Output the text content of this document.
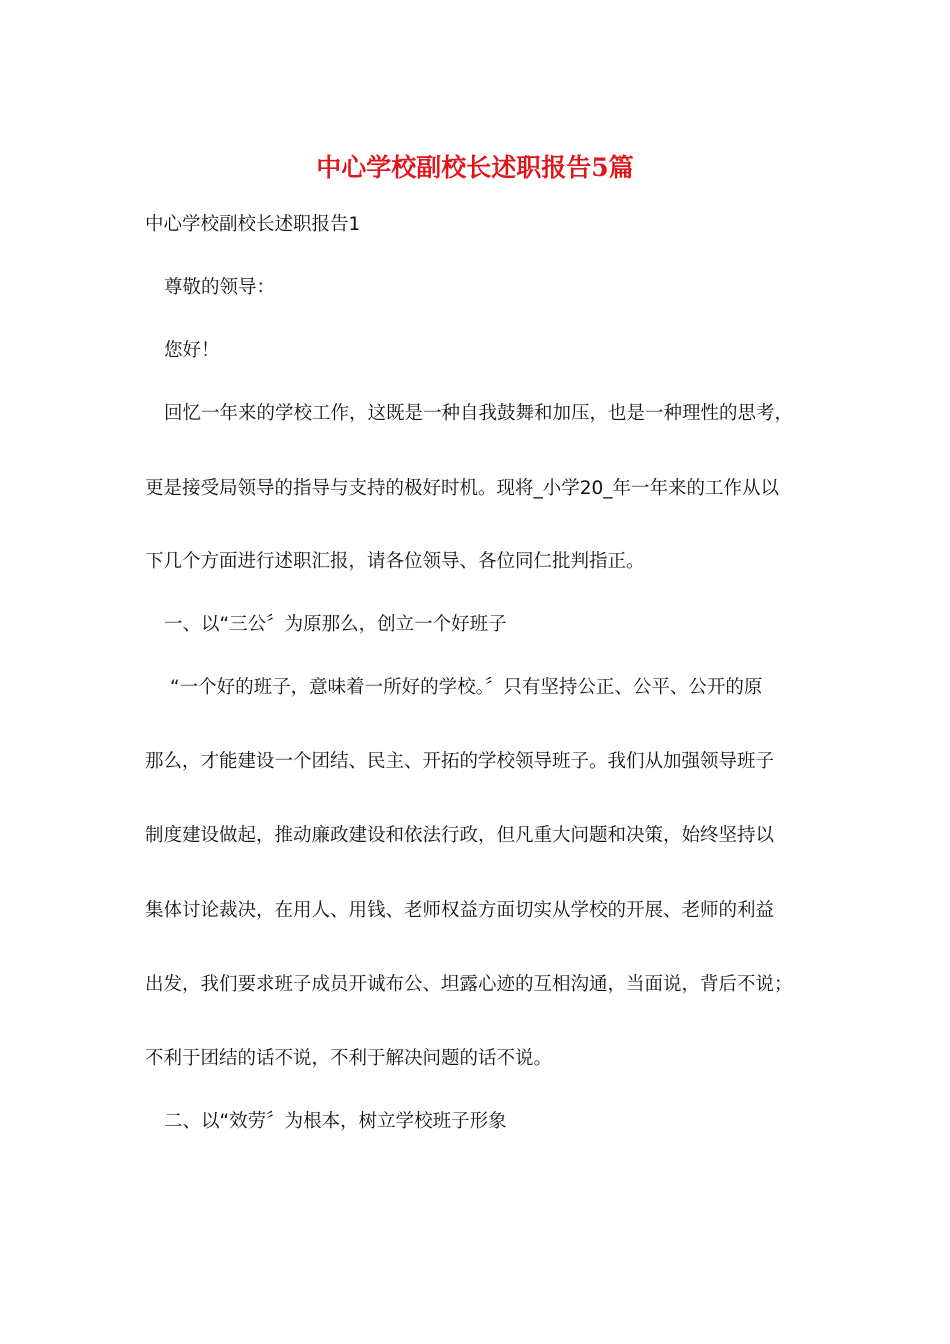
中心学校副校长述职报告5篇
中心学校副校长述职报告1
尊敬的领导：
您好！
回忆一年来的学校工作，这既是一种自我鼓舞和加压，也是一种理性的思考，
更是接受局领导的指导与支持的极好时机。现将_小学20_年一年来的工作从以
下几个方面进行述职汇报，请各位领导、各位同仁批判指正。
一、以“三公〞为原那么，创立一个好班子
“一个好的班子，意味着一所好的学校。〞只有坚持公正、公平、公开的原
那么，才能建设一个团结、民主、开拓的学校领导班子。我们从加强领导班子
制度建设做起，推动廉政建设和依法行政，但凡重大问题和决策，始终坚持以
集体讨论裁决，在用人、用钱、老师权益方面切实从学校的开展、老师的利益
出发，我们要求班子成员开诚布公、坦露心迹的互相沟通，当面说，背后不说；
不利于团结的话不说，不利于解决问题的话不说。
二、以“效劳〞为根本，树立学校班子形象
